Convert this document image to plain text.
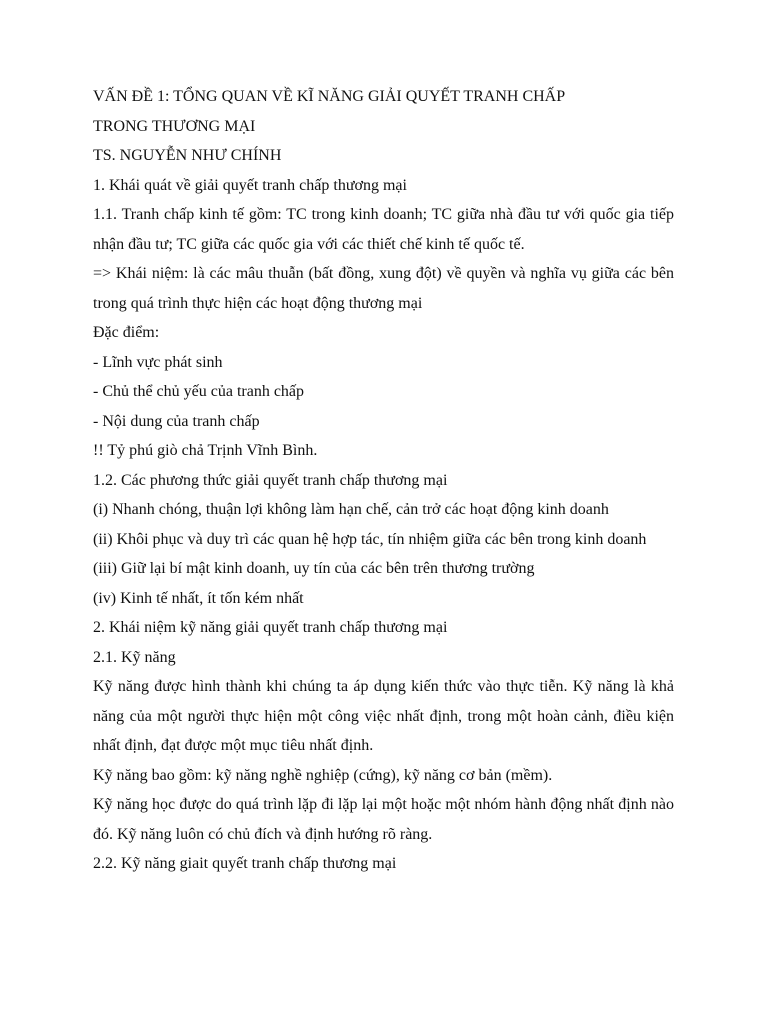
VẤN ĐỀ 1: TỔNG QUAN VỀ KĨ NĂNG GIẢI QUYẾT TRANH CHẤP
TRONG THƯƠNG MẠI
TS. NGUYỄN NHƯ CHÍNH
1. Khái quát về giải quyết tranh chấp thương mại
1.1. Tranh chấp kinh tế gồm: TC trong kinh doanh; TC giữa nhà đầu tư với quốc gia tiếp nhận đầu tư; TC giữa các quốc gia với các thiết chế kinh tế quốc tế.
=> Khái niệm: là các mâu thuẫn (bất đồng, xung đột) về quyền và nghĩa vụ giữa các bên trong quá trình thực hiện các hoạt động thương mại
Đặc điểm:
- Lĩnh vực phát sinh
- Chủ thể chủ yếu của tranh chấp
- Nội dung của tranh chấp
!! Tỷ phú giò chả Trịnh Vĩnh Bình.
1.2. Các phương thức giải quyết tranh chấp thương mại
(i) Nhanh chóng, thuận lợi không làm hạn chế, cản trở các hoạt động kinh doanh
(ii) Khôi phục và duy trì các quan hệ hợp tác, tín nhiệm giữa các bên trong kinh doanh
(iii) Giữ lại bí mật kinh doanh, uy tín của các bên trên thương trường
(iv) Kinh tế nhất, ít tốn kém nhất
2. Khái niệm kỹ năng giải quyết tranh chấp thương mại
2.1. Kỹ năng
Kỹ năng được hình thành khi chúng ta áp dụng kiến thức vào thực tiễn. Kỹ năng là khả năng của một người thực hiện một công việc nhất định, trong một hoàn cảnh, điều kiện nhất định, đạt được một mục tiêu nhất định.
Kỹ năng bao gồm: kỹ năng nghề nghiệp (cứng), kỹ năng cơ bản (mềm).
Kỹ năng học được do quá trình lặp đi lặp lại một hoặc một nhóm hành động nhất định nào đó. Kỹ năng luôn có chủ đích và định hướng rõ ràng.
2.2. Kỹ năng giait quyết tranh chấp thương mại
